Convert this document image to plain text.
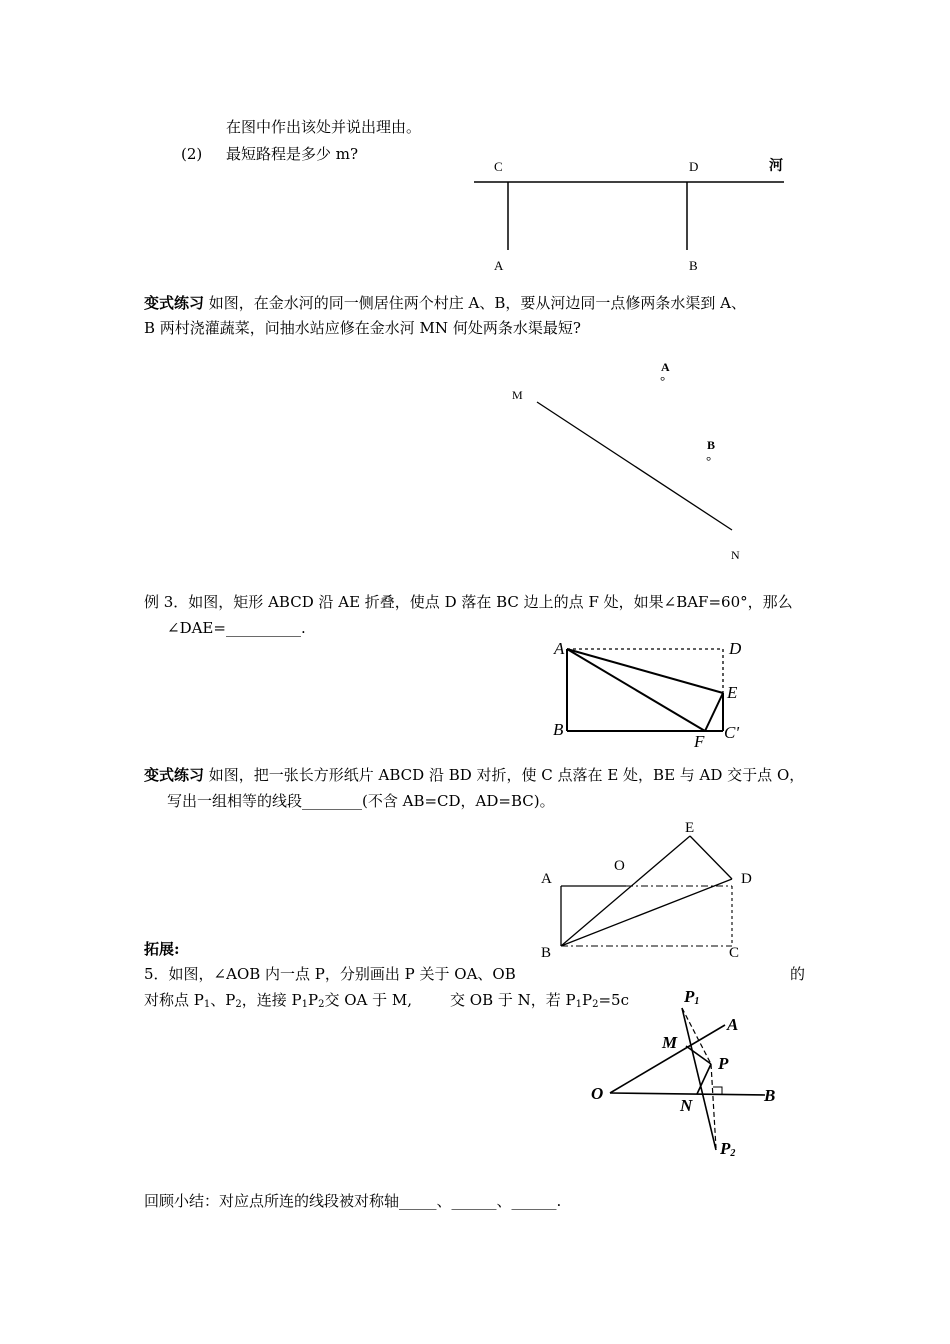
在图中作出该处并说出理由。
(2) 最短路程是多少 m?
C	D	河
A	B
变式练习 如图，在金水河的同一侧居住两个村庄 A、B，要从河边同一点修两条水渠到 A、
B 两村浇灌蔬菜，问抽水站应修在金水河 MN 何处两条水渠最短?
A
°
B
°
M
N
例 3．如图，矩形 ABCD 沿 AE 折叠，使点 D 落在 BC 边上的点 F 处，如果∠BAF=60°，那么
∠DAE=__________.
A	D
E
B
F C'
变式练习 如图，把一张长方形纸片 ABCD 沿 BD 对折，使 C 点落在 E 处，BE 与 AD 交于点 O，
写出一组相等的线段________(不含 AB=CD，AD=BC)。
E
A
O
D
B	C
拓展:
5．如图，∠AOB 内一点 P，分别画出 P 关于 OA、OB	的
对称点 $P_1$、$P_2$，连接 $P_1P_2$交 OA 于 M,	交 OB 于 N，若 $P_1P_2=5c$	$P_1$
A
M
P
O
N
B
$P_2$
回顾小结：对应点所连的线段被对称轴_____、______、______.
